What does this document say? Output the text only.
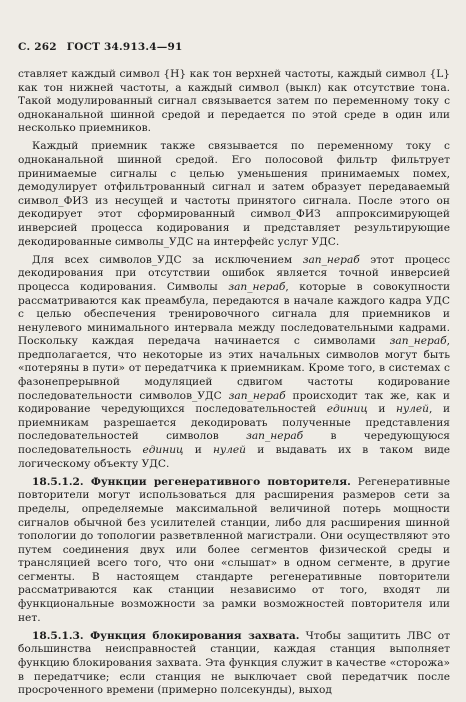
С. 262 ГОСТ 34.913.4—91

ставляет каждый символ {Н} как тон верхней частоты, каждый символ {L} как тон нижней частоты, а каждый символ (выкл) как отсутствие тона. Такой модулированный сигнал связывается затем по переменному току с одноканальной шинной средой и передается по этой среде в один или несколько приемников.

Каждый приемник также связывается по переменному току с одноканальной шинной средой. Его полосовой фильтр фильтрует принимаемые сигналы с целью уменьшения принимаемых помех, демодулирует отфильтрованный сигнал и затем образует передаваемый символ_ФИЗ из несущей и частоты принятого сигнала. После этого он декодирует этот сформированный символ_ФИЗ аппроксимирующей инверсией процесса кодирования и представляет результирующие декодированные символы_УДС на интерфейс услуг УДС.

Для всех символов_УДС за исключением зап_нераб этот процесс декодирования при отсутствии ошибок является точной инверсией процесса кодирования. Символы зап_нераб, которые в совокупности рассматриваются как преамбула, передаются в начале каждого кадра УДС с целью обеспечения тренировочного сигнала для приемников и ненулевого минимального интервала между последовательными кадрами. Поскольку каждая передача начинается с символами зап_нераб, предполагается, что некоторые из этих начальных символов могут быть «потеряны в пути» от передатчика к приемникам. Кроме того, в системах с фазонепрерывной модуляцией сдвигом частоты кодирование последовательности символов_УДС зап_нераб происходит так же, как и кодирование чередующихся последовательностей единиц и нулей, и приемникам разрешается декодировать полученные представления последовательностей символов зап_нераб в чередующуюся последовательность единиц и нулей и выдавать их в таком виде логическому объекту УДС.

18.5.1.2. Функции регенеративного повторителя. Регенеративные повторители могут использоваться для расширения размеров сети за пределы, определяемые максимальной величиной потерь мощности сигналов обычной без усилителей станции, либо для расширения шинной топологии до топологии разветвленной магистрали. Они осуществляют это путем соединения двух или более сегментов физической среды и трансляцией всего того, что они «слышат» в одном сегменте, в другие сегменты. В настоящем стандарте регенеративные повторители рассматриваются как станции независимо от того, входят ли функциональные возможности за рамки возможностей повторителя или нет.

18.5.1.3. Функция блокирования захвата. Чтобы защитить ЛВС от большинства неисправностей станции, каждая станция выполняет функцию блокирования захвата. Эта функция служит в качестве «сторожа» в передатчике; если станция не выключает свой передатчик после просроченного времени (примерно полсекунды), выход
